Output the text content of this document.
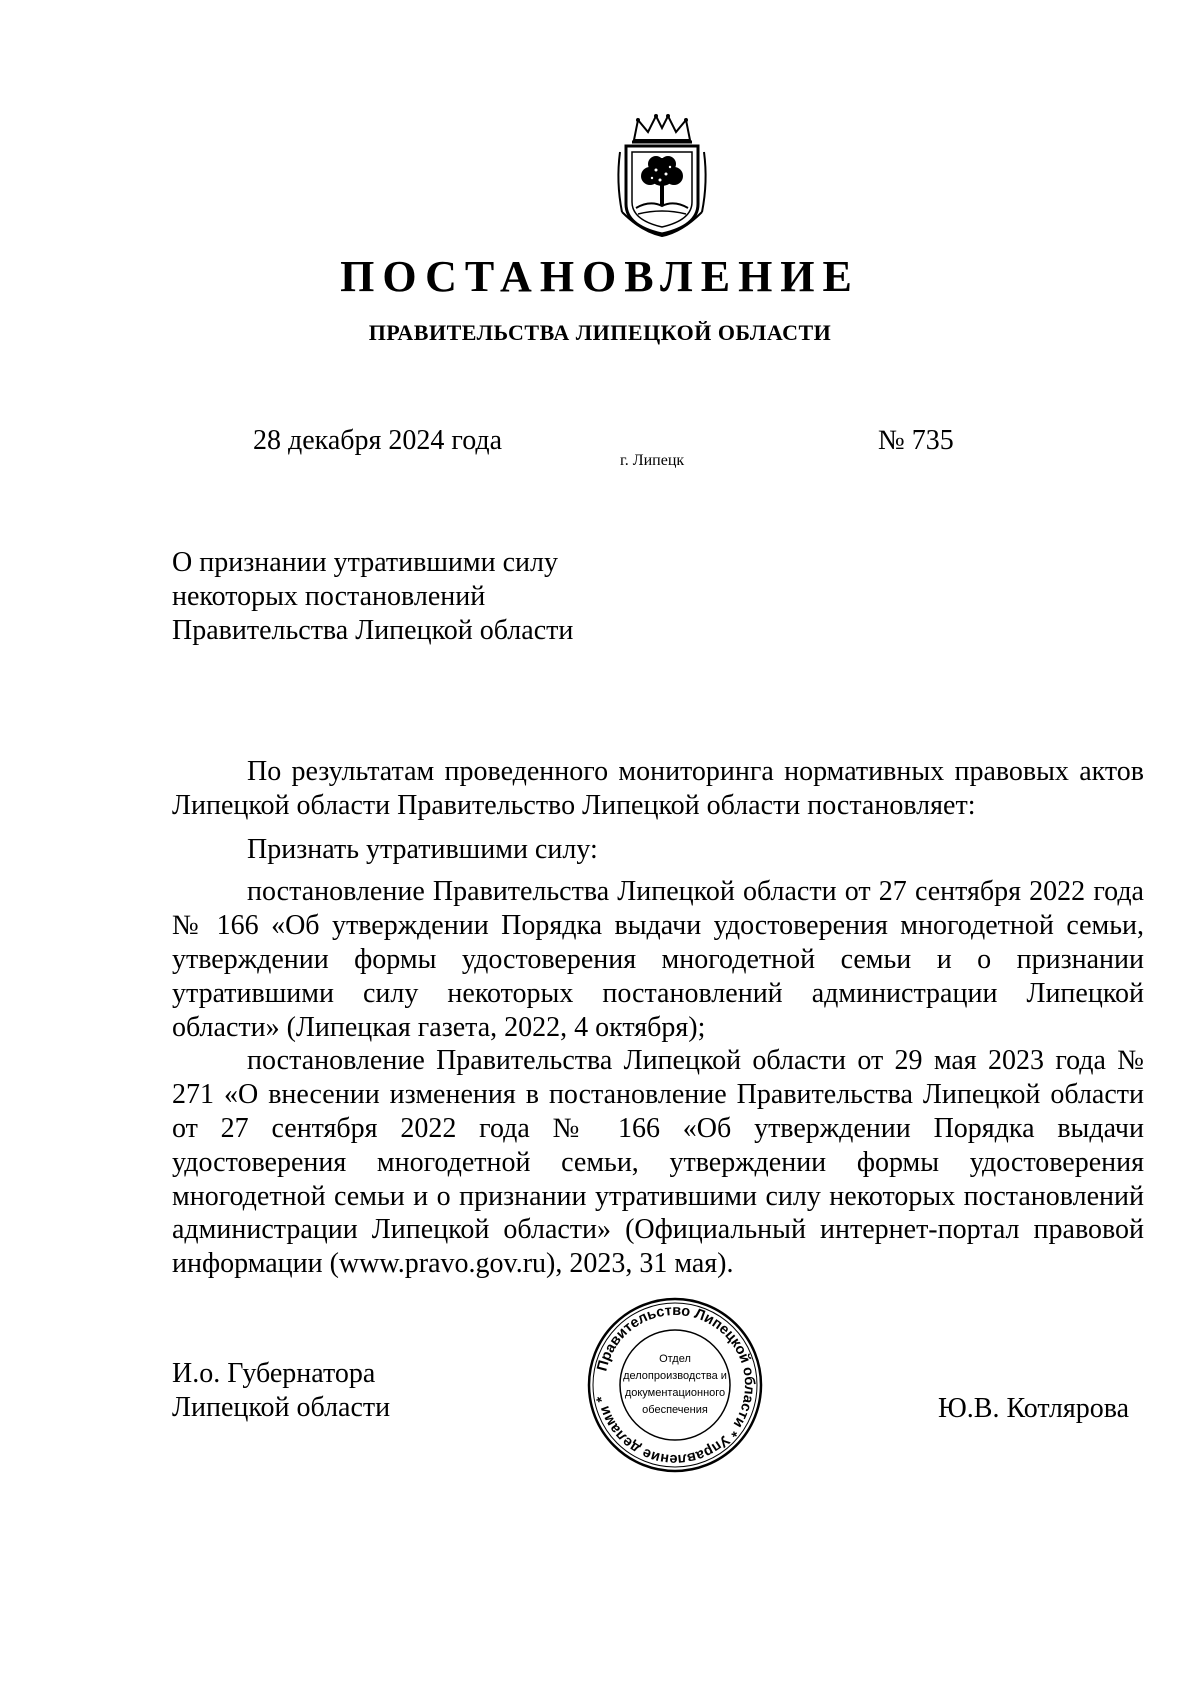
ПОСТАНОВЛЕНИЕ
ПРАВИТЕЛЬСТВА ЛИПЕЦКОЙ ОБЛАСТИ
28 декабря 2024 года
г. Липецк
№ 735
О признании утратившими силу
некоторых постановлений
Правительства Липецкой области

По результатам проведенного мониторинга нормативных правовых актов Липецкой области Правительство Липецкой области постановляет:

Признать утратившими силу:

постановление Правительства Липецкой области от 27 сентября 2022 года № 166 «Об утверждении Порядка выдачи удостоверения многодетной семьи, утверждении формы удостоверения многодетной семьи и о признании утратившими силу некоторых постановлений администрации Липецкой области» (Липецкая газета, 2022, 4 октября);

постановление Правительства Липецкой области от 29 мая 2023 года № 271 «О внесении изменения в постановление Правительства Липецкой области от 27 сентября 2022 года № 166 «Об утверждении Порядка выдачи удостоверения многодетной семьи, утверждении формы удостоверения многодетной семьи и о признании утратившими силу некоторых постановлений администрации Липецкой области» (Официальный интернет-портал правовой информации (www.pravo.gov.ru), 2023, 31 мая).

И.о. Губернатора
Липецкой области	Ю.В. Котлярова
Правительство Липецкой области * Управление делами *
Отдел
делопроизводства и
документационного
обеспечения
